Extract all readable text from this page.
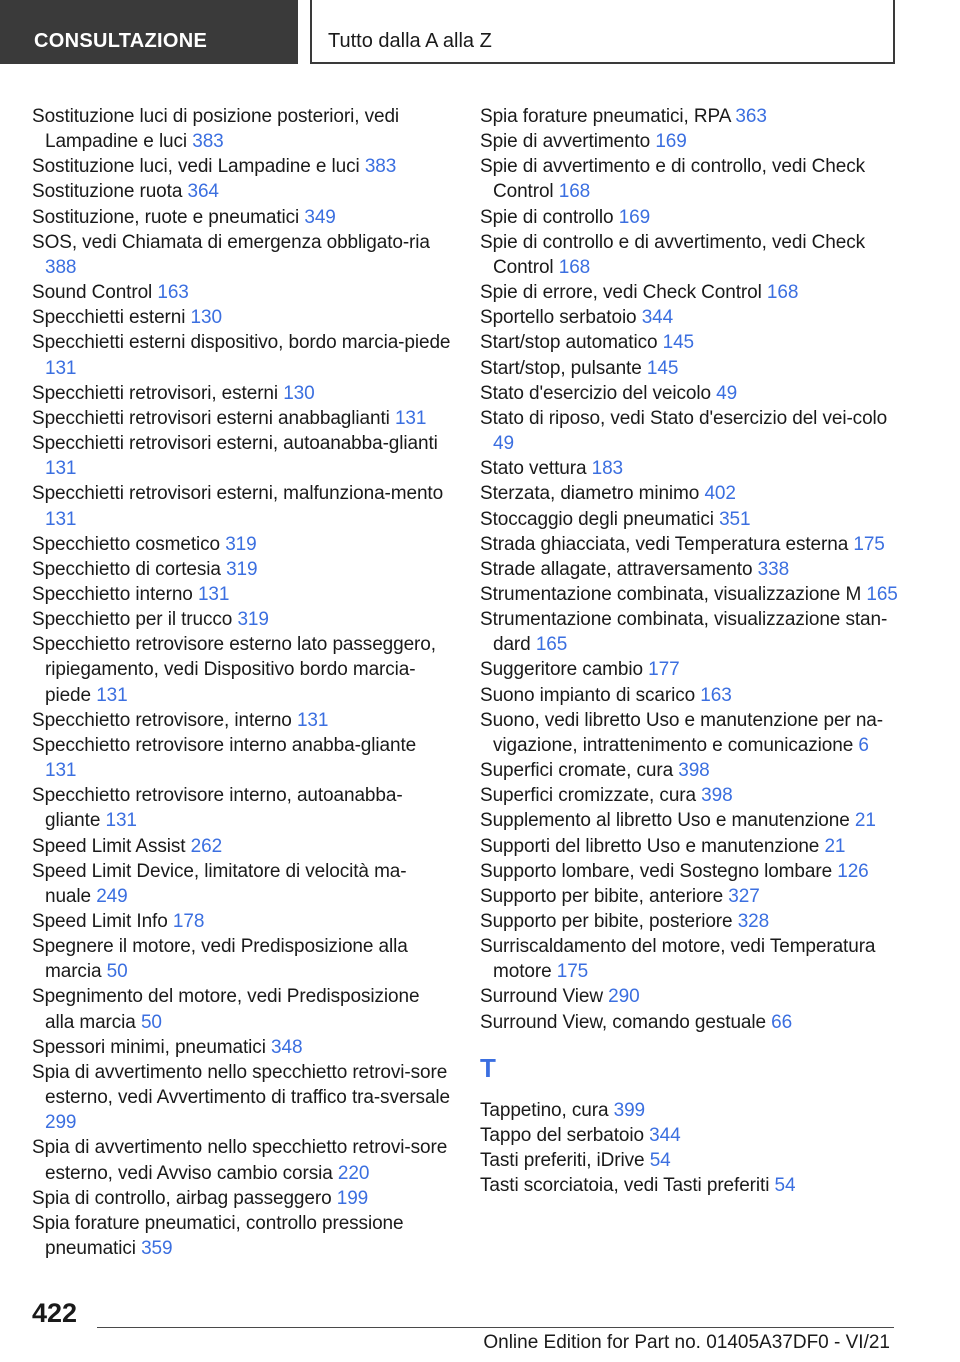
CONSULTAZIONE	Tutto dalla A alla Z
Sostituzione luci di posizione posteriori, vedi Lampadine e luci 383
Sostituzione luci, vedi Lampadine e luci 383
Sostituzione ruota 364
Sostituzione, ruote e pneumatici 349
SOS, vedi Chiamata di emergenza obbligato-ria 388
Sound Control 163
Specchietti esterni 130
Specchietti esterni dispositivo, bordo marcia-piede 131
Specchietti retrovisori, esterni 130
Specchietti retrovisori esterni anabbaglianti 131
Specchietti retrovisori esterni, autoanabba-glianti 131
Specchietti retrovisori esterni, malfunziona-mento 131
Specchietto cosmetico 319
Specchietto di cortesia 319
Specchietto interno 131
Specchietto per il trucco 319
Specchietto retrovisore esterno lato passeggero, ripiegamento, vedi Dispositivo bordo marcia-piede 131
Specchietto retrovisore, interno 131
Specchietto retrovisore interno anabba-gliante 131
Specchietto retrovisore interno, autoanabba-gliante 131
Speed Limit Assist 262
Speed Limit Device, limitatore di velocità ma-nuale 249
Speed Limit Info 178
Spegnere il motore, vedi Predisposizione alla marcia 50
Spegnimento del motore, vedi Predisposizione alla marcia 50
Spessori minimi, pneumatici 348
Spia di avvertimento nello specchietto retrovi-sore esterno, vedi Avvertimento di traffico tra-sversale 299
Spia di avvertimento nello specchietto retrovi-sore esterno, vedi Avviso cambio corsia 220
Spia di controllo, airbag passeggero 199
Spia forature pneumatici, controllo pressione pneumatici 359
Spia forature pneumatici, RPA 363
Spie di avvertimento 169
Spie di avvertimento e di controllo, vedi Check Control 168
Spie di controllo 169
Spie di controllo e di avvertimento, vedi Check Control 168
Spie di errore, vedi Check Control 168
Sportello serbatoio 344
Start/stop automatico 145
Start/stop, pulsante 145
Stato d'esercizio del veicolo 49
Stato di riposo, vedi Stato d'esercizio del vei-colo 49
Stato vettura 183
Sterzata, diametro minimo 402
Stoccaggio degli pneumatici 351
Strada ghiacciata, vedi Temperatura esterna 175
Strade allagate, attraversamento 338
Strumentazione combinata, visualizzazione M 165
Strumentazione combinata, visualizzazione stan-dard 165
Suggeritore cambio 177
Suono impianto di scarico 163
Suono, vedi libretto Uso e manutenzione per na-vigazione, intrattenimento e comunicazione 6
Superfici cromate, cura 398
Superfici cromizzate, cura 398
Supplemento al libretto Uso e manutenzione 21
Supporti del libretto Uso e manutenzione 21
Supporto lombare, vedi Sostegno lombare 126
Supporto per bibite, anteriore 327
Supporto per bibite, posteriore 328
Surriscaldamento del motore, vedi Temperatura motore 175
Surround View 290
Surround View, comando gestuale 66
T
Tappetino, cura 399
Tappo del serbatoio 344
Tasti preferiti, iDrive 54
Tasti scorciatoia, vedi Tasti preferiti 54
422
Online Edition for Part no. 01405A37DF0 - VI/21
